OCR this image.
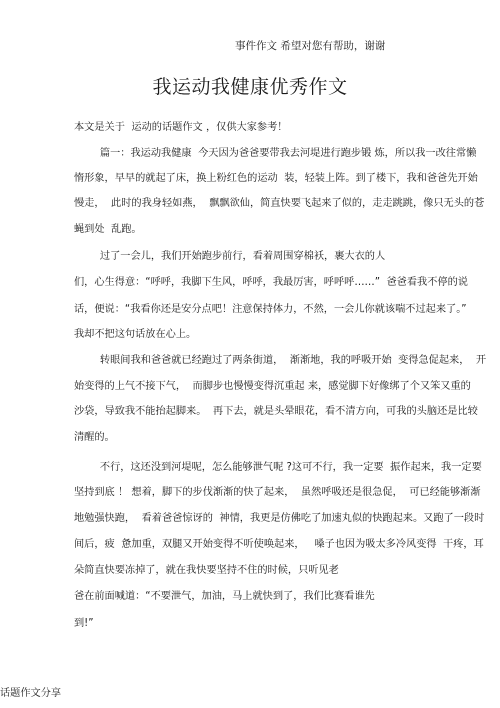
事件作文 希望对您有帮助，谢谢
我运动我健康优秀作文
本文是关于  运动的话题作文 ，仅供大家参考！
篇一：我运动我健康  今天因为爸爸要带我去河堤进行跑步锻 炼，所以我一改往常懒
惰形象，早早的就起了床，换上粉红色的运动  装，轻装上阵。到了楼下，我和爸爸先开始
慢走，  此时的我身轻如燕，  飘飘欲仙，简直快要飞起来了似的，走走跳跳，像只无头的苍
蝇到处  乱跑。
过了一会儿，我们开始跑步前行，看着周围穿棉袄，裹大衣的人
们，心生得意：“呼呼，我脚下生风，呼呼，我最厉害，呼呼呼……”  爸爸看我不停的说
话，便说：“我看你还是安分点吧！注意保持体力，不然，一会儿你就该喘不过起来了。”
我却不把这句话放在心上。
转眼间我和爸爸就已经跑过了两条街道，  渐渐地，我的呼吸开始  变得急促起来，  开
始变得的上气不接下气，  而脚步也慢慢变得沉重起 来，感觉脚下好像绑了个又笨又重的
沙袋，导致我不能抬起脚来。  再下去，就是头晕眼花，看不清方向，可我的头脑还是比较
清醒的。
不行，这还没到河堤呢，怎么能够泄气呢 ?这可不行，我一定要  振作起来，我一定要
坚持到底 ！ 想着，脚下的步伐渐渐的快了起来，  虽然呼吸还是很急促，  可已经能够渐渐
地勉强快跑，  看着爸爸惊讶的  神情，我更是仿佛吃了加速丸似的快跑起来。又跑了一段时
间后，疲  惫加重，双腿又开始变得不听使唤起来，   嗓子也因为吸太多冷风变得  干疼，耳
朵简直快要冻掉了，就在我快要坚持不住的时候，只听见老
爸在前面喊道：“不要泄气，加油，马上就快到了，我们比赛看谁先
到!”
话题作文分享
